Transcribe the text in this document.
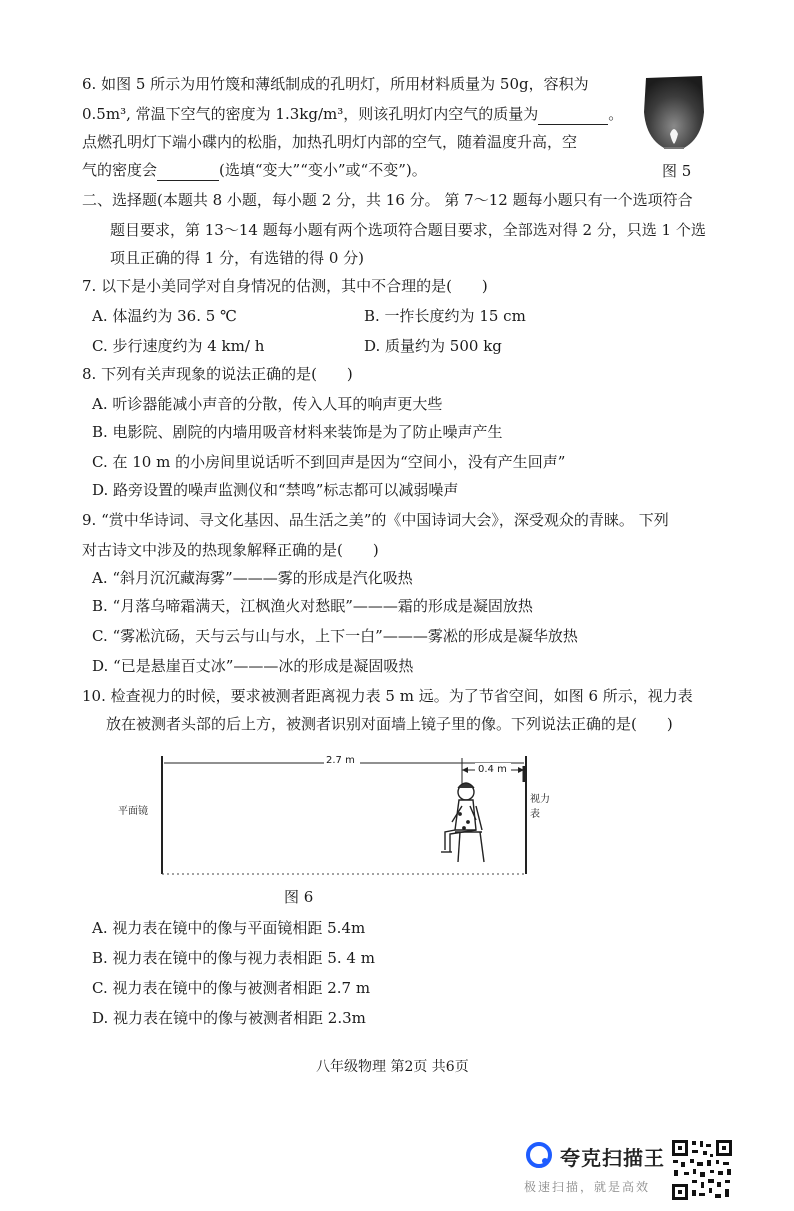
6. 如图 5 所示为用竹篾和薄纸制成的孔明灯，所用材料质量为 50g，容积为
0.5m³, 常温下空气的密度为 1.3kg/m³，则该孔明灯内空气的质量为	。
点燃孔明灯下端小碟内的松脂，加热孔明灯内部的空气，随着温度升高，空
气的密度会	(选填“变大”“变小”或“不变”)。	图 5
二、选择题(本题共 8 小题，每小题 2 分，共 16 分。 第 7～12 题每小题只有一个选项符合
题目要求，第 13～14 题每小题有两个选项符合题目要求，全部选对得 2 分，只选 1 个选
项且正确的得 1 分，有选错的得 0 分)
7. 以下是小美同学对自身情况的估测，其中不合理的是(　　)
A. 体温约为 36. 5 ℃	B. 一拃长度约为 15 cm
C. 步行速度约为 4 km/ h	D. 质量约为 500 kg
8. 下列有关声现象的说法正确的是(　　)
A. 听诊器能减小声音的分散，传入人耳的响声更大些
B. 电影院、剧院的内墙用吸音材料来装饰是为了防止噪声产生
C. 在 10 m 的小房间里说话听不到回声是因为“空间小，没有产生回声”
D. 路旁设置的噪声监测仪和“禁鸣”标志都可以减弱噪声
9. “赏中华诗词、寻文化基因、品生活之美”的《中国诗词大会》，深受观众的青睐。 下列
对古诗文中涉及的热现象解释正确的是(　　)
A. “斜月沉沉藏海雾”———雾的形成是汽化吸热
B. “月落乌啼霜满天，江枫渔火对愁眠”———霜的形成是凝固放热
C. “雾凇沆砀，天与云与山与水，上下一白”———雾凇的形成是凝华放热
D. “已是悬崖百丈冰”———冰的形成是凝固吸热
10. 检查视力的时候，要求被测者距离视力表 5 m 远。为了节省空间，如图 6 所示，视力表
放在被测者头部的后上方，被测者识别对面墙上镜子里的像。下列说法正确的是(　　)
2.7 m
0.4 m
平面镜
视力表
图 6
A. 视力表在镜中的像与平面镜相距 5.4m
B. 视力表在镜中的像与视力表相距 5. 4 m
C. 视力表在镜中的像与被测者相距 2.7 m
D. 视力表在镜中的像与被测者相距 2.3m
八年级物理 第2页 共6页
夸克扫描王
极速扫描，就是高效
